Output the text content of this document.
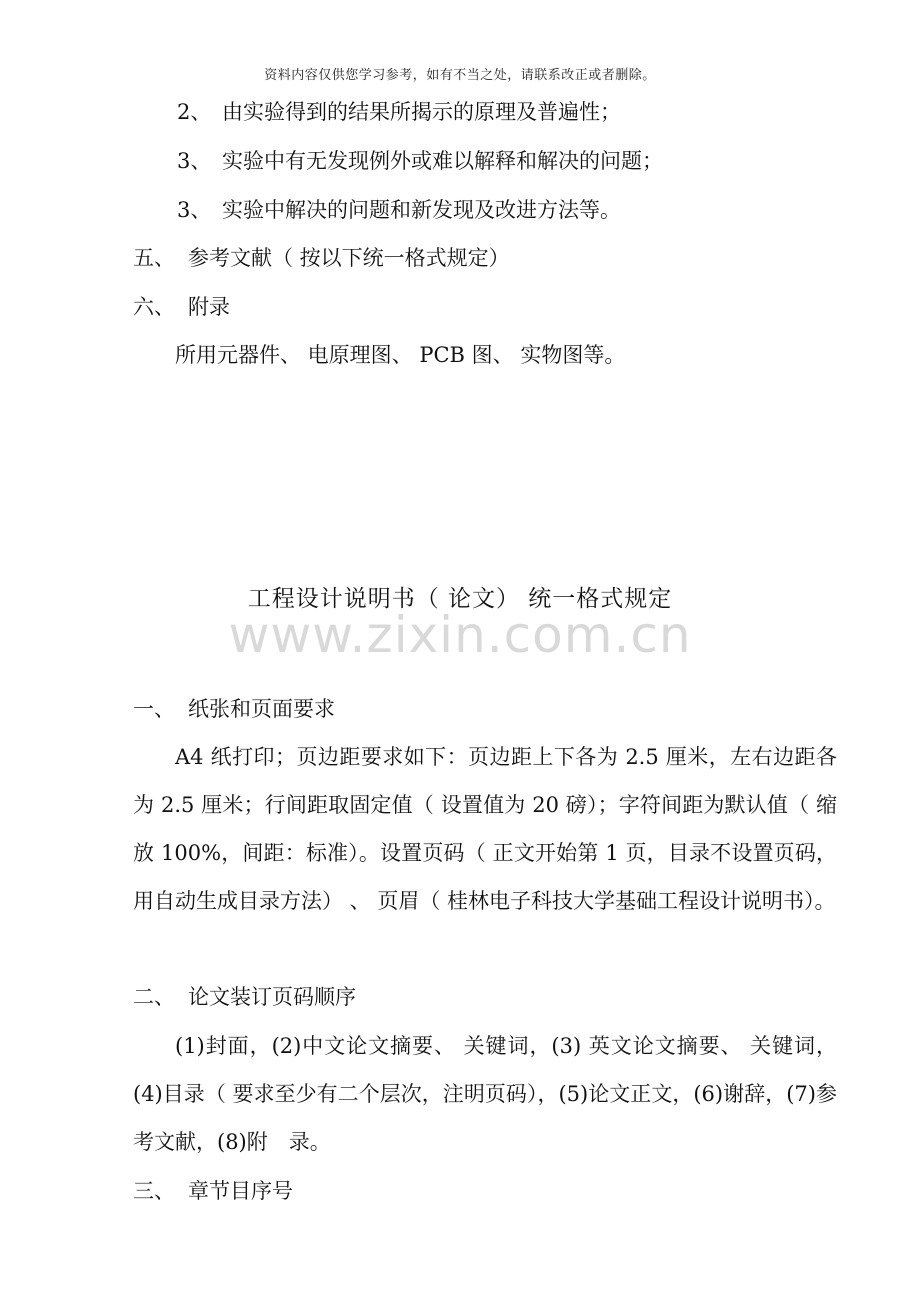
资料内容仅供您学习参考，如有不当之处，请联系改正或者删除。
2、 由实验得到的结果所揭示的原理及普遍性；
3、 实验中有无发现例外或难以解释和解决的问题；
3、 实验中解决的问题和新发现及改进方法等。
五、 参考文献（ 按以下统一格式规定）
六、 附录
所用元器件、 电原理图、 PCB 图、 实物图等。
工程设计说明书（ 论文） 统一格式规定
www.zixin.com.cn
一、 纸张和页面要求
A4 纸打印；页边距要求如下：页边距上下各为 2.5 厘米，左右边距各为 2.5 厘米；行间距取固定值（ 设置值为 20 磅）；字符间距为默认值（ 缩放 100%，间距：标准）。设置页码（ 正文开始第 1 页，目录不设置页码，用自动生成目录方法） 、 页眉（ 桂林电子科技大学基础工程设计说明书）。
二、 论文装订页码顺序
(1)封面，(2)中文论文摘要、 关键词，(3) 英文论文摘要、 关键词，(4)目录（ 要求至少有二个层次，注明页码），(5)论文正文，(6)谢辞，(7)参考文献，(8)附　录。
三、 章节目序号
